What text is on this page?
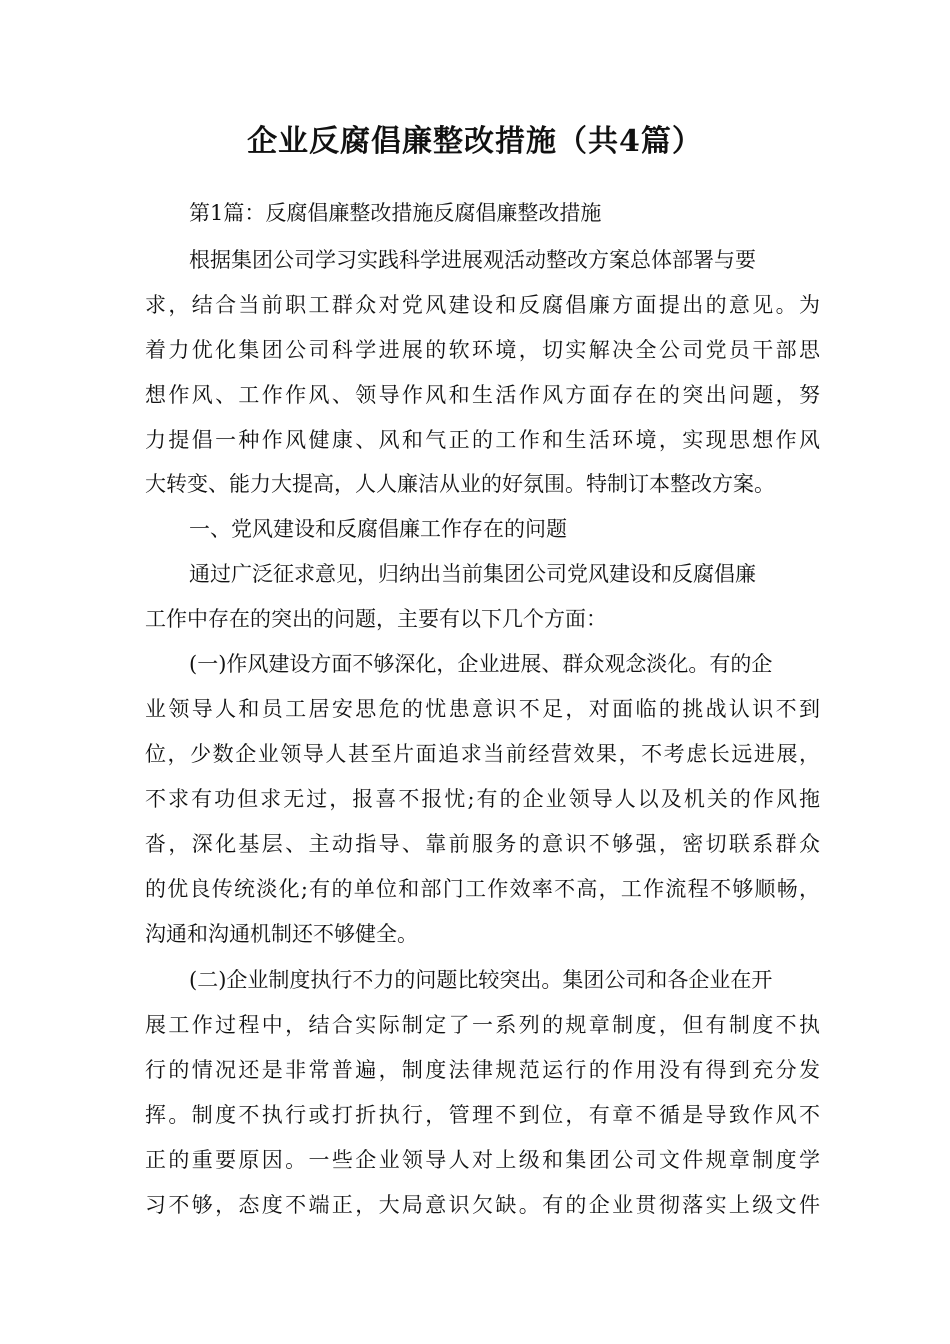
企业反腐倡廉整改措施（共4篇）
第1篇：反腐倡廉整改措施反腐倡廉整改措施
根据集团公司学习实践科学进展观活动整改方案总体部署与要
求，结合当前职工群众对党风建设和反腐倡廉方面提出的意见。为
着力优化集团公司科学进展的软环境，切实解决全公司党员干部思
想作风、工作作风、领导作风和生活作风方面存在的突出问题，努
力提倡一种作风健康、风和气正的工作和生活环境，实现思想作风
大转变、能力大提高，人人廉洁从业的好氛围。特制订本整改方案。
一、党风建设和反腐倡廉工作存在的问题
通过广泛征求意见，归纳出当前集团公司党风建设和反腐倡廉
工作中存在的突出的问题，主要有以下几个方面：
(一)作风建设方面不够深化，企业进展、群众观念淡化。有的企
业领导人和员工居安思危的忧患意识不足，对面临的挑战认识不到
位，少数企业领导人甚至片面追求当前经营效果，不考虑长远进展，
不求有功但求无过，报喜不报忧;有的企业领导人以及机关的作风拖
沓，深化基层、主动指导、靠前服务的意识不够强，密切联系群众
的优良传统淡化;有的单位和部门工作效率不高，工作流程不够顺畅，
沟通和沟通机制还不够健全。
(二)企业制度执行不力的问题比较突出。集团公司和各企业在开
展工作过程中，结合实际制定了一系列的规章制度，但有制度不执
行的情况还是非常普遍，制度法律规范运行的作用没有得到充分发
挥。制度不执行或打折执行，管理不到位，有章不循是导致作风不
正的重要原因。一些企业领导人对上级和集团公司文件规章制度学
习不够，态度不端正，大局意识欠缺。有的企业贯彻落实上级文件
